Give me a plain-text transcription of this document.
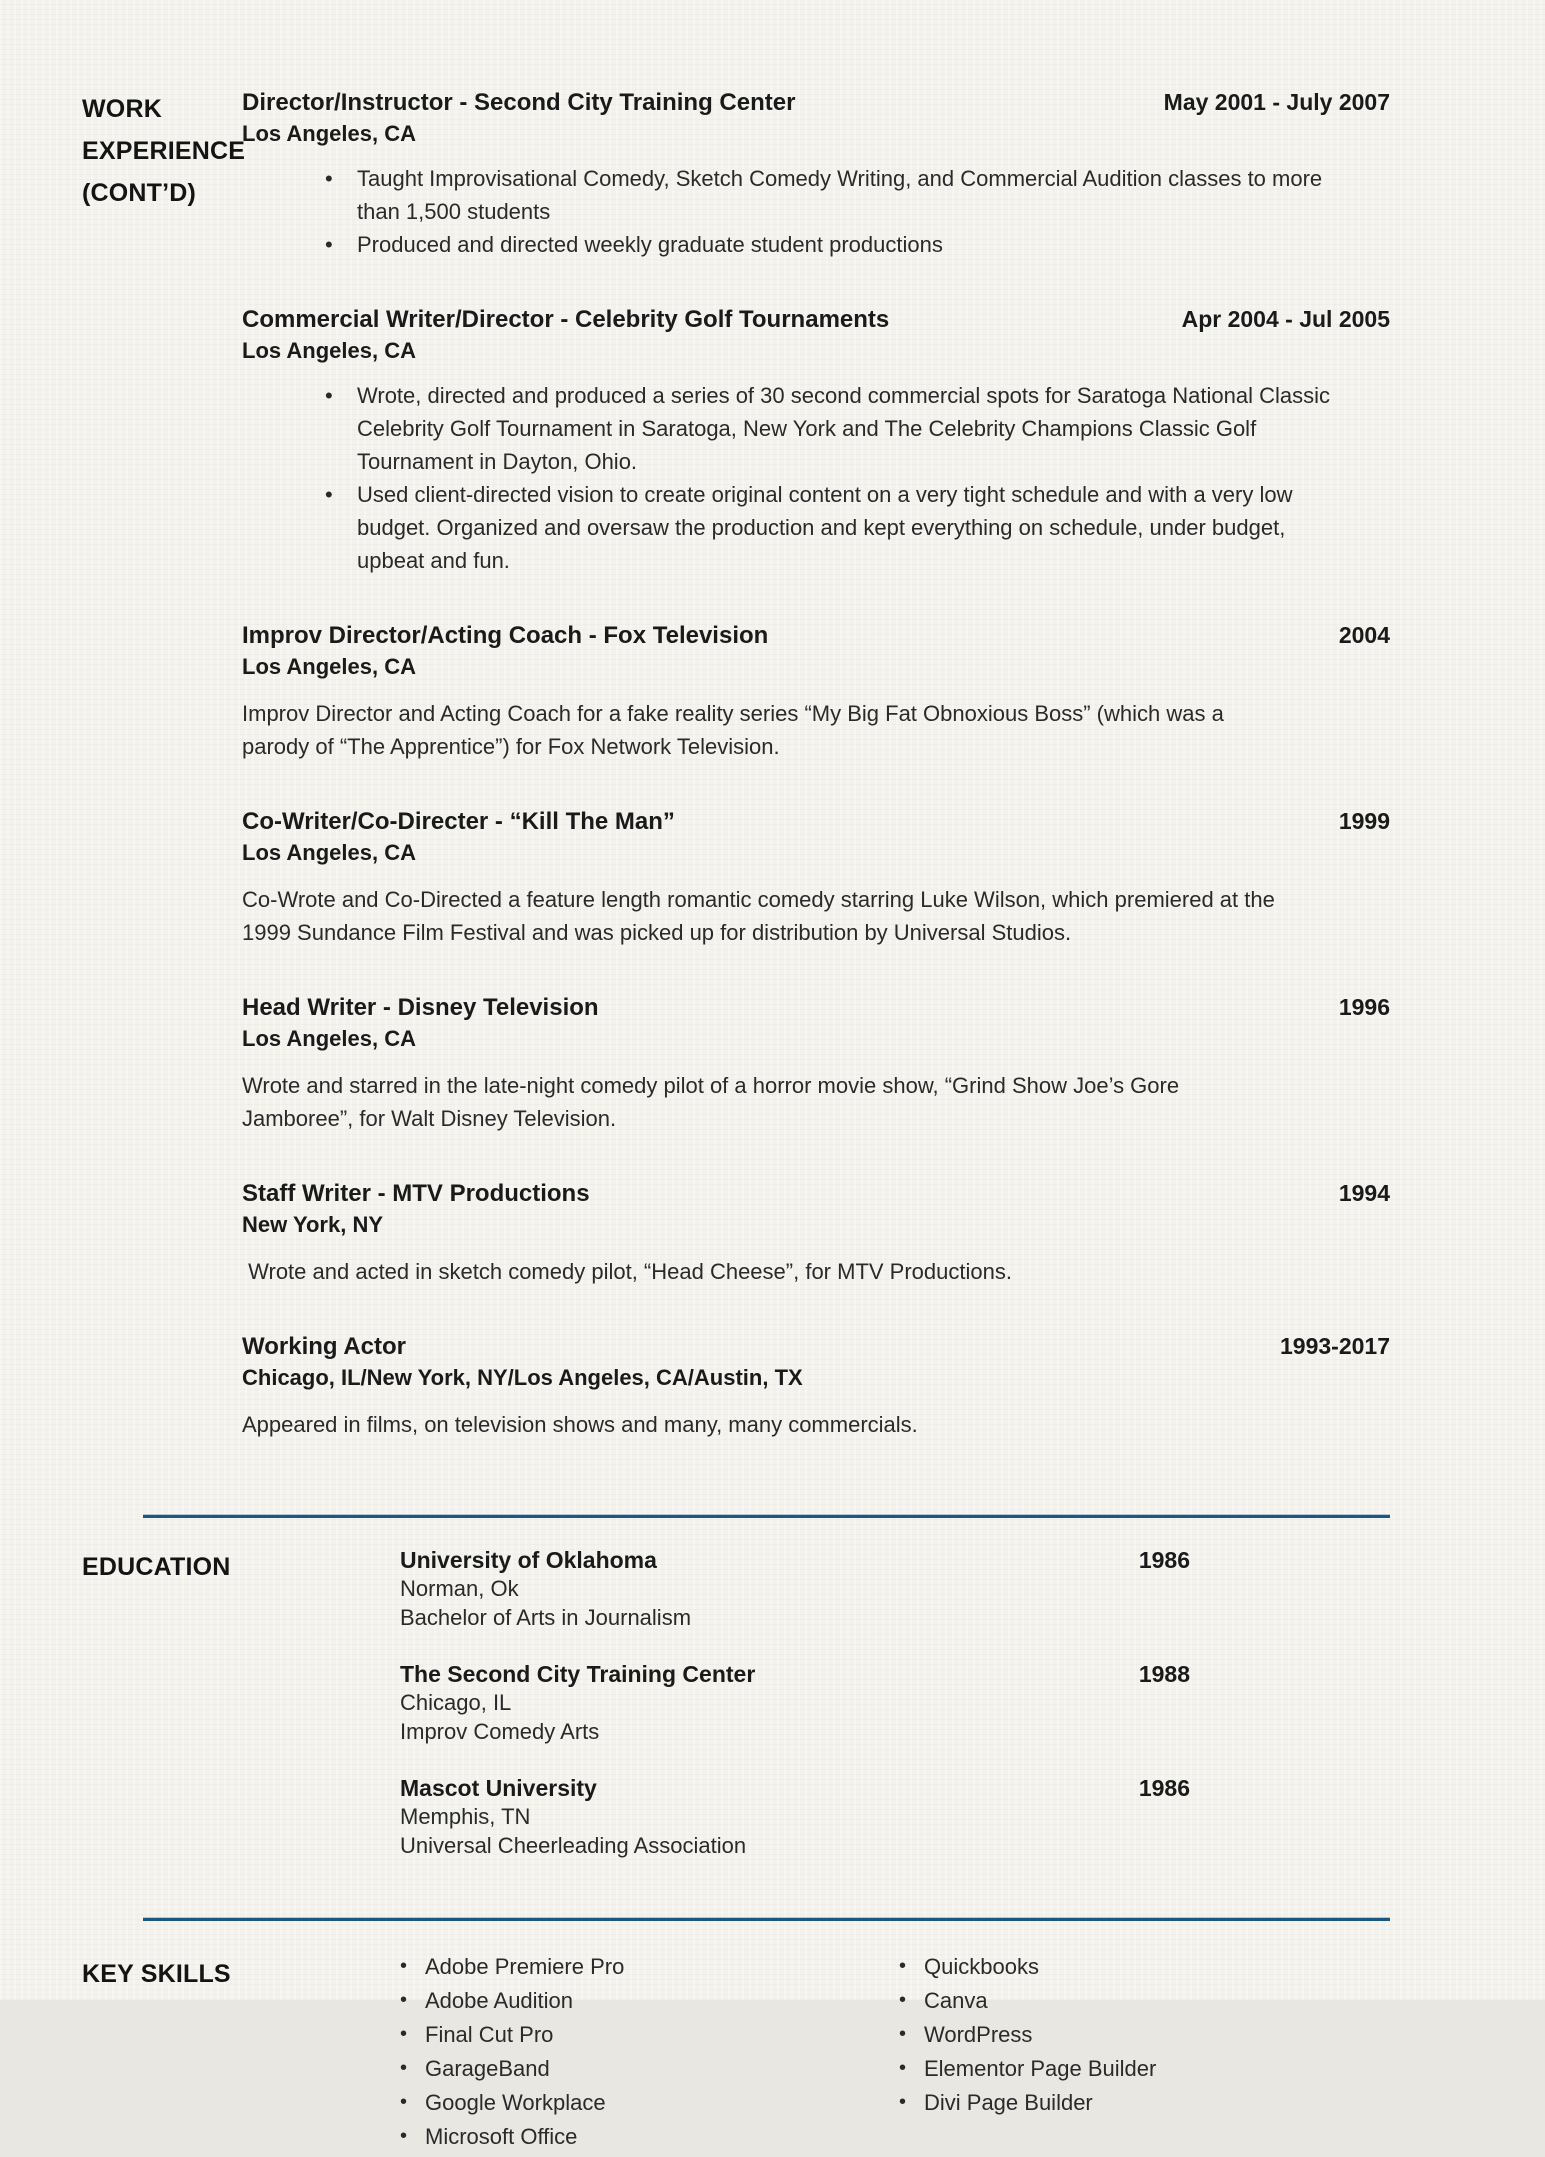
WORK
EXPERIENCE
(CONT’D)
Director/Instructor - Second City Training Center	May 2001 - July 2007
Los Angeles, CA
• Taught Improvisational Comedy, Sketch Comedy Writing, and Commercial Audition classes to more than 1,500 students
• Produced and directed weekly graduate student productions
Commercial Writer/Director - Celebrity Golf Tournaments	Apr 2004 - Jul 2005
Los Angeles, CA
• Wrote, directed and produced a series of 30 second commercial spots for Saratoga National Classic Celebrity Golf Tournament in Saratoga, New York and The Celebrity Champions Classic Golf Tournament in Dayton, Ohio.
• Used client-directed vision to create original content on a very tight schedule and with a very low budget. Organized and oversaw the production and kept everything on schedule, under budget, upbeat and fun.
Improv Director/Acting Coach - Fox Television	2004
Los Angeles, CA

Improv Director and Acting Coach for a fake reality series “My Big Fat Obnoxious Boss” (which was a parody of “The Apprentice”) for Fox Network Television.

Co-Writer/Co-Directer - “Kill The Man”	1999
Los Angeles, CA

Co-Wrote and Co-Directed a feature length romantic comedy starring Luke Wilson, which premiered at the 1999 Sundance Film Festival and was picked up for distribution by Universal Studios.

Head Writer - Disney Television	1996
Los Angeles, CA

Wrote and starred in the late-night comedy pilot of a horror movie show, “Grind Show Joe’s Gore Jamboree”, for Walt Disney Television.

Staff Writer - MTV Productions	1994
New York, NY

Wrote and acted in sketch comedy pilot, “Head Cheese”, for MTV Productions.

Working Actor	1993-2017
Chicago, IL/New York, NY/Los Angeles, CA/Austin, TX

Appeared in films, on television shows and many, many commercials.

EDUCATION	University of Oklahoma	1986
Norman, Ok
Bachelor of Arts in Journalism
The Second City Training Center	1988
Chicago, IL
Improv Comedy Arts
Mascot University	1986
Memphis, TN
Universal Cheerleading Association
KEY SKILLS	• Adobe Premiere Pro
• Adobe Audition
• Final Cut Pro
• GarageBand
• Google Workplace
• Microsoft Office
• Quickbooks
• Canva
• WordPress
• Elementor Page Builder
• Divi Page Builder
